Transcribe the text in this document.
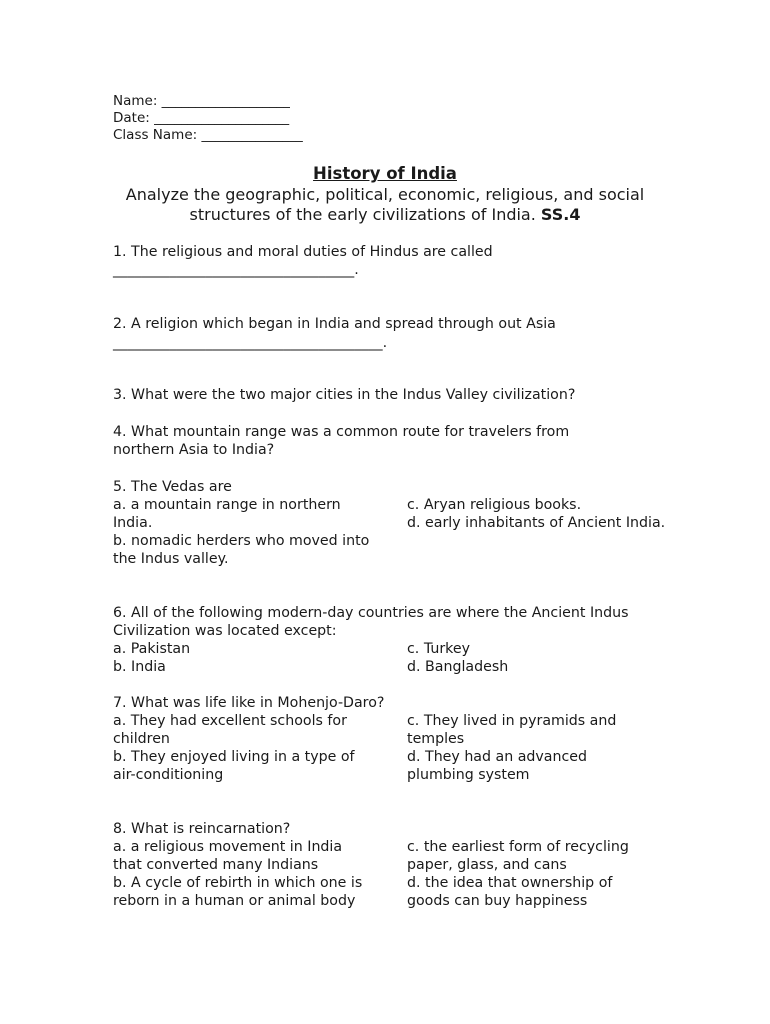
Name: ___________________
Date: ____________________
Class Name: _______________
History of India
Analyze the geographic, political, economic, religious, and social structures of the early civilizations of India. SS.4
1. The religious and moral duties of Hindus are called
__________________________________.
2. A religion which began in India and spread through out Asia
______________________________________.
3. What were the two major cities in the Indus Valley civilization?
4. What mountain range was a common route for travelers from northern Asia to India?
5. The Vedas are
a. a mountain range in northern India.
b. nomadic herders who moved into the Indus valley.
c. Aryan religious books.
d. early inhabitants of Ancient India.
6. All of the following modern-day countries are where the Ancient Indus Civilization was located except:
a. Pakistan
b. India
c. Turkey
d. Bangladesh
7. What was life like in Mohenjo-Daro?
a. They had excellent schools for children
b. They enjoyed living in a type of air-conditioning
c. They lived in pyramids and temples
d. They had an advanced plumbing system
8. What is reincarnation?
a. a religious movement in India that converted many Indians
b. A cycle of rebirth in which one is reborn in a human or animal body
c. the earliest form of recycling paper, glass, and cans
d. the idea that ownership of goods can buy happiness
